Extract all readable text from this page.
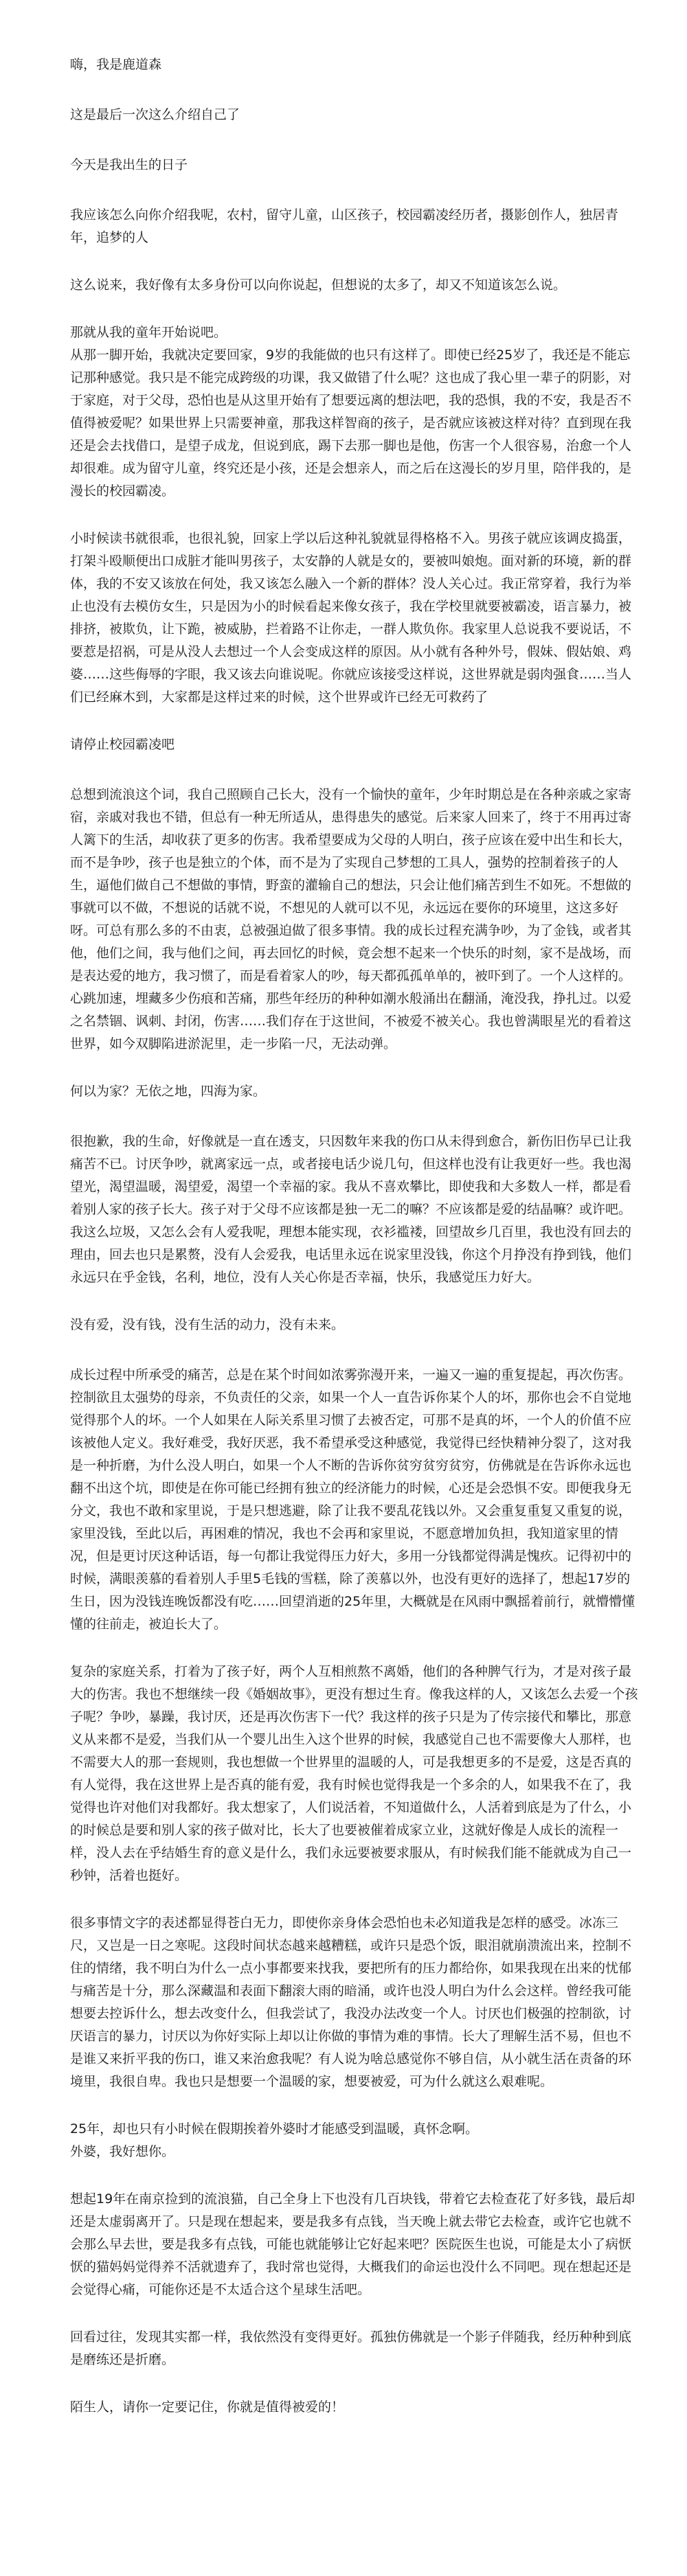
嗨，我是鹿道森

这是最后一次这么介绍自己了

今天是我出生的日子

我应该怎么向你介绍我呢，农村，留守儿童，山区孩子，校园霸凌经历者，摄影创作人，独居青年，追梦的人

这么说来，我好像有太多身份可以向你说起，但想说的太多了，却又不知道该怎么说。

那就从我的童年开始说吧。
从那一脚开始，我就决定要回家，9岁的我能做的也只有这样了。即使已经25岁了，我还是不能忘记那种感觉。我只是不能完成跨级的功课，我又做错了什么呢？这也成了我心里一辈子的阴影，对于家庭，对于父母，恐怕也是从这里开始有了想要远离的想法吧，我的恐惧，我的不安，我是否不值得被爱呢？如果世界上只需要神童，那我这样智商的孩子，是否就应该被这样对待？直到现在我还是会去找借口，是望子成龙，但说到底，踢下去那一脚也是他，伤害一个人很容易，治愈一个人却很难。成为留守儿童，终究还是小孩，还是会想亲人，而之后在这漫长的岁月里，陪伴我的，是漫长的校园霸凌。

小时候读书就很乖，也很礼貌，回家上学以后这种礼貌就显得格格不入。男孩子就应该调皮捣蛋，打架斗殴顺便出口成脏才能叫男孩子，太安静的人就是女的，要被叫娘炮。面对新的环境，新的群体，我的不安又该放在何处，我又该怎么融入一个新的群体？没人关心过。我正常穿着，我行为举止也没有去模仿女生，只是因为小的时候看起来像女孩子，我在学校里就要被霸凌，语言暴力，被排挤，被欺负，让下跪，被威胁，拦着路不让你走，一群人欺负你。我家里人总说我不要说话，不要惹是招祸，可是从没人去想过一个人会变成这样的原因。从小就有各种外号，假妹、假姑娘、鸡婆……这些侮辱的字眼，我又该去向谁说呢。你就应该接受这样说，这世界就是弱肉强食……当人们已经麻木到，大家都是这样过来的时候，这个世界或许已经无可救药了

请停止校园霸凌吧

总想到流浪这个词，我自己照顾自己长大，没有一个愉快的童年，少年时期总是在各种亲戚之家寄宿，亲戚对我也不错，但总有一种无所适从，患得患失的感觉。后来家人回来了，终于不用再过寄人篱下的生活，却收获了更多的伤害。我希望要成为父母的人明白，孩子应该在爱中出生和长大，而不是争吵，孩子也是独立的个体，而不是为了实现自己梦想的工具人，强势的控制着孩子的人生，逼他们做自己不想做的事情，野蛮的灌输自己的想法，只会让他们痛苦到生不如死。不想做的事就可以不做，不想说的话就不说，不想见的人就可以不见，永远远在要你的环境里，这这多好呀。可总有那么多的不由衷，总被强迫做了很多事情。我的成长过程充满争吵，为了金钱，或者其他，他们之间，我与他们之间，再去回忆的时候，竟会想不起来一个快乐的时刻，家不是战场，而是表达爱的地方，我习惯了，而是看着家人的吵，每天都孤孤单单的，被吓到了。一个人这样的。心跳加速，埋藏多少伤痕和苦痛，那些年经历的种种如潮水般涌出在翻涌，淹没我，挣扎过。以爱之名禁锢、讽刺、封闭，伤害……我们存在于这世间，不被爱不被关心。我也曾满眼星光的看着这世界，如今双脚陷进淤泥里，走一步陷一尺，无法动弹。

何以为家？无依之地，四海为家。

很抱歉，我的生命，好像就是一直在透支，只因数年来我的伤口从未得到愈合，新伤旧伤早已让我痛苦不已。讨厌争吵，就离家远一点，或者接电话少说几句，但这样也没有让我更好一些。我也渴望光，渴望温暖，渴望爱，渴望一个幸福的家。我从不喜欢攀比，即使我和大多数人一样，都是看着别人家的孩子长大。孩子对于父母不应该都是独一无二的嘛？不应该都是爱的结晶嘛？或许吧。我这么垃圾，又怎么会有人爱我呢，理想本能实现，衣衫褴褛，回望故乡几百里，我也没有回去的理由，回去也只是累赘，没有人会爱我，电话里永远在说家里没钱，你这个月挣没有挣到钱，他们永远只在乎金钱，名利，地位，没有人关心你是否幸福，快乐，我感觉压力好大。

没有爱，没有钱，没有生活的动力，没有未来。

成长过程中所承受的痛苦，总是在某个时间如浓雾弥漫开来，一遍又一遍的重复提起，再次伤害。控制欲且太强势的母亲，不负责任的父亲，如果一个人一直告诉你某个人的坏，那你也会不自觉地觉得那个人的坏。一个人如果在人际关系里习惯了去被否定，可那不是真的坏，一个人的价值不应该被他人定义。我好难受，我好厌恶，我不希望承受这种感觉，我觉得已经快精神分裂了，这对我是一种折磨，为什么没人明白，如果一个人不断的告诉你贫穷贫穷贫穷，仿佛就是在告诉你永远也翻不出这个坑，即使是在你可能已经拥有独立的经济能力的时候，心还是会恐惧不安。即便我身无分文，我也不敢和家里说，于是只想逃避，除了让我不要乱花钱以外。又会重复重复又重复的说，家里没钱，至此以后，再困难的情况，我也不会再和家里说，不愿意增加负担，我知道家里的情况，但是更讨厌这种话语，每一句都让我觉得压力好大，多用一分钱都觉得满是愧疚。记得初中的时候，满眼羡慕的看着别人手里5毛钱的雪糕，除了羡慕以外，也没有更好的选择了，想起17岁的生日，因为没钱连晚饭都没有吃……回望消逝的25年里，大概就是在风雨中飘摇着前行，就懵懵懂懂的往前走，被迫长大了。

复杂的家庭关系，打着为了孩子好，两个人互相煎熬不离婚，他们的各种脾气行为，才是对孩子最大的伤害。我也不想继续一段《婚姻故事》，更没有想过生育。像我这样的人，又该怎么去爱一个孩子呢？争吵，暴躁，我讨厌，还是再次伤害下一代？我这样的孩子只是为了传宗接代和攀比，那意义从来都不是爱，当我们从一个婴儿出生入这个世界的时候，我感觉自己也不需要像大人那样，也不需要大人的那一套规则，我也想做一个世界里的温暖的人，可是我想更多的不是爱，这是否真的有人觉得，我在这世界上是否真的能有爱，我有时候也觉得我是一个多余的人，如果我不在了，我觉得也许对他们对我都好。我太想家了，人们说活着，不知道做什么，人活着到底是为了什么，小的时候总是要和别人家的孩子做对比，长大了也要被催着成家立业，这就好像是人成长的流程一样，没人去在乎结婚生育的意义是什么，我们永远要被要求服从，有时候我们能不能就成为自己一秒钟，活着也挺好。

很多事情文字的表述都显得苍白无力，即使你亲身体会恐怕也未必知道我是怎样的感受。冰冻三尺，又岂是一日之寒呢。这段时间状态越来越糟糕，或许只是恐个饭，眼泪就崩溃流出来，控制不住的情绪，我不明白为什么一点小事都要来找我，要把所有的压力都给你，如果我现在出来的忧郁与痛苦是十分，那么深藏温和表面下翻滚大雨的暗涌，或许也没人明白为什么会这样。曾经我可能想要去控诉什么，想去改变什么，但我尝试了，我没办法改变一个人。讨厌也们极强的控制欲，讨厌语言的暴力，讨厌以为你好实际上却以让你做的事情为难的事情。长大了理解生活不易，但也不是谁又来折平我的伤口，谁又来治愈我呢？有人说为啥总感觉你不够自信，从小就生活在责备的环境里，我很自卑。我也只是想要一个温暖的家，想要被爱，可为什么就这么艰难呢。

25年，却也只有小时候在假期挨着外婆时才能感受到温暖，真怀念啊。
外婆，我好想你。

想起19年在南京捡到的流浪猫，自己全身上下也没有几百块钱，带着它去检查花了好多钱，最后却还是太虚弱离开了。只是现在想起来，要是我多有点钱，当天晚上就去带它去检查，或许它也就不会那么早去世，要是我多有点钱，可能也就能够让它好起来吧？医院医生也说，可能是太小了病恹恹的猫妈妈觉得养不活就遗弃了，我时常也觉得，大概我们的命运也没什么不同吧。现在想起还是会觉得心痛，可能你还是不太适合这个星球生活吧。

回看过往，发现其实都一样，我依然没有变得更好。孤独仿佛就是一个影子伴随我，经历种种到底是磨练还是折磨。

陌生人，请你一定要记住，你就是值得被爱的！
